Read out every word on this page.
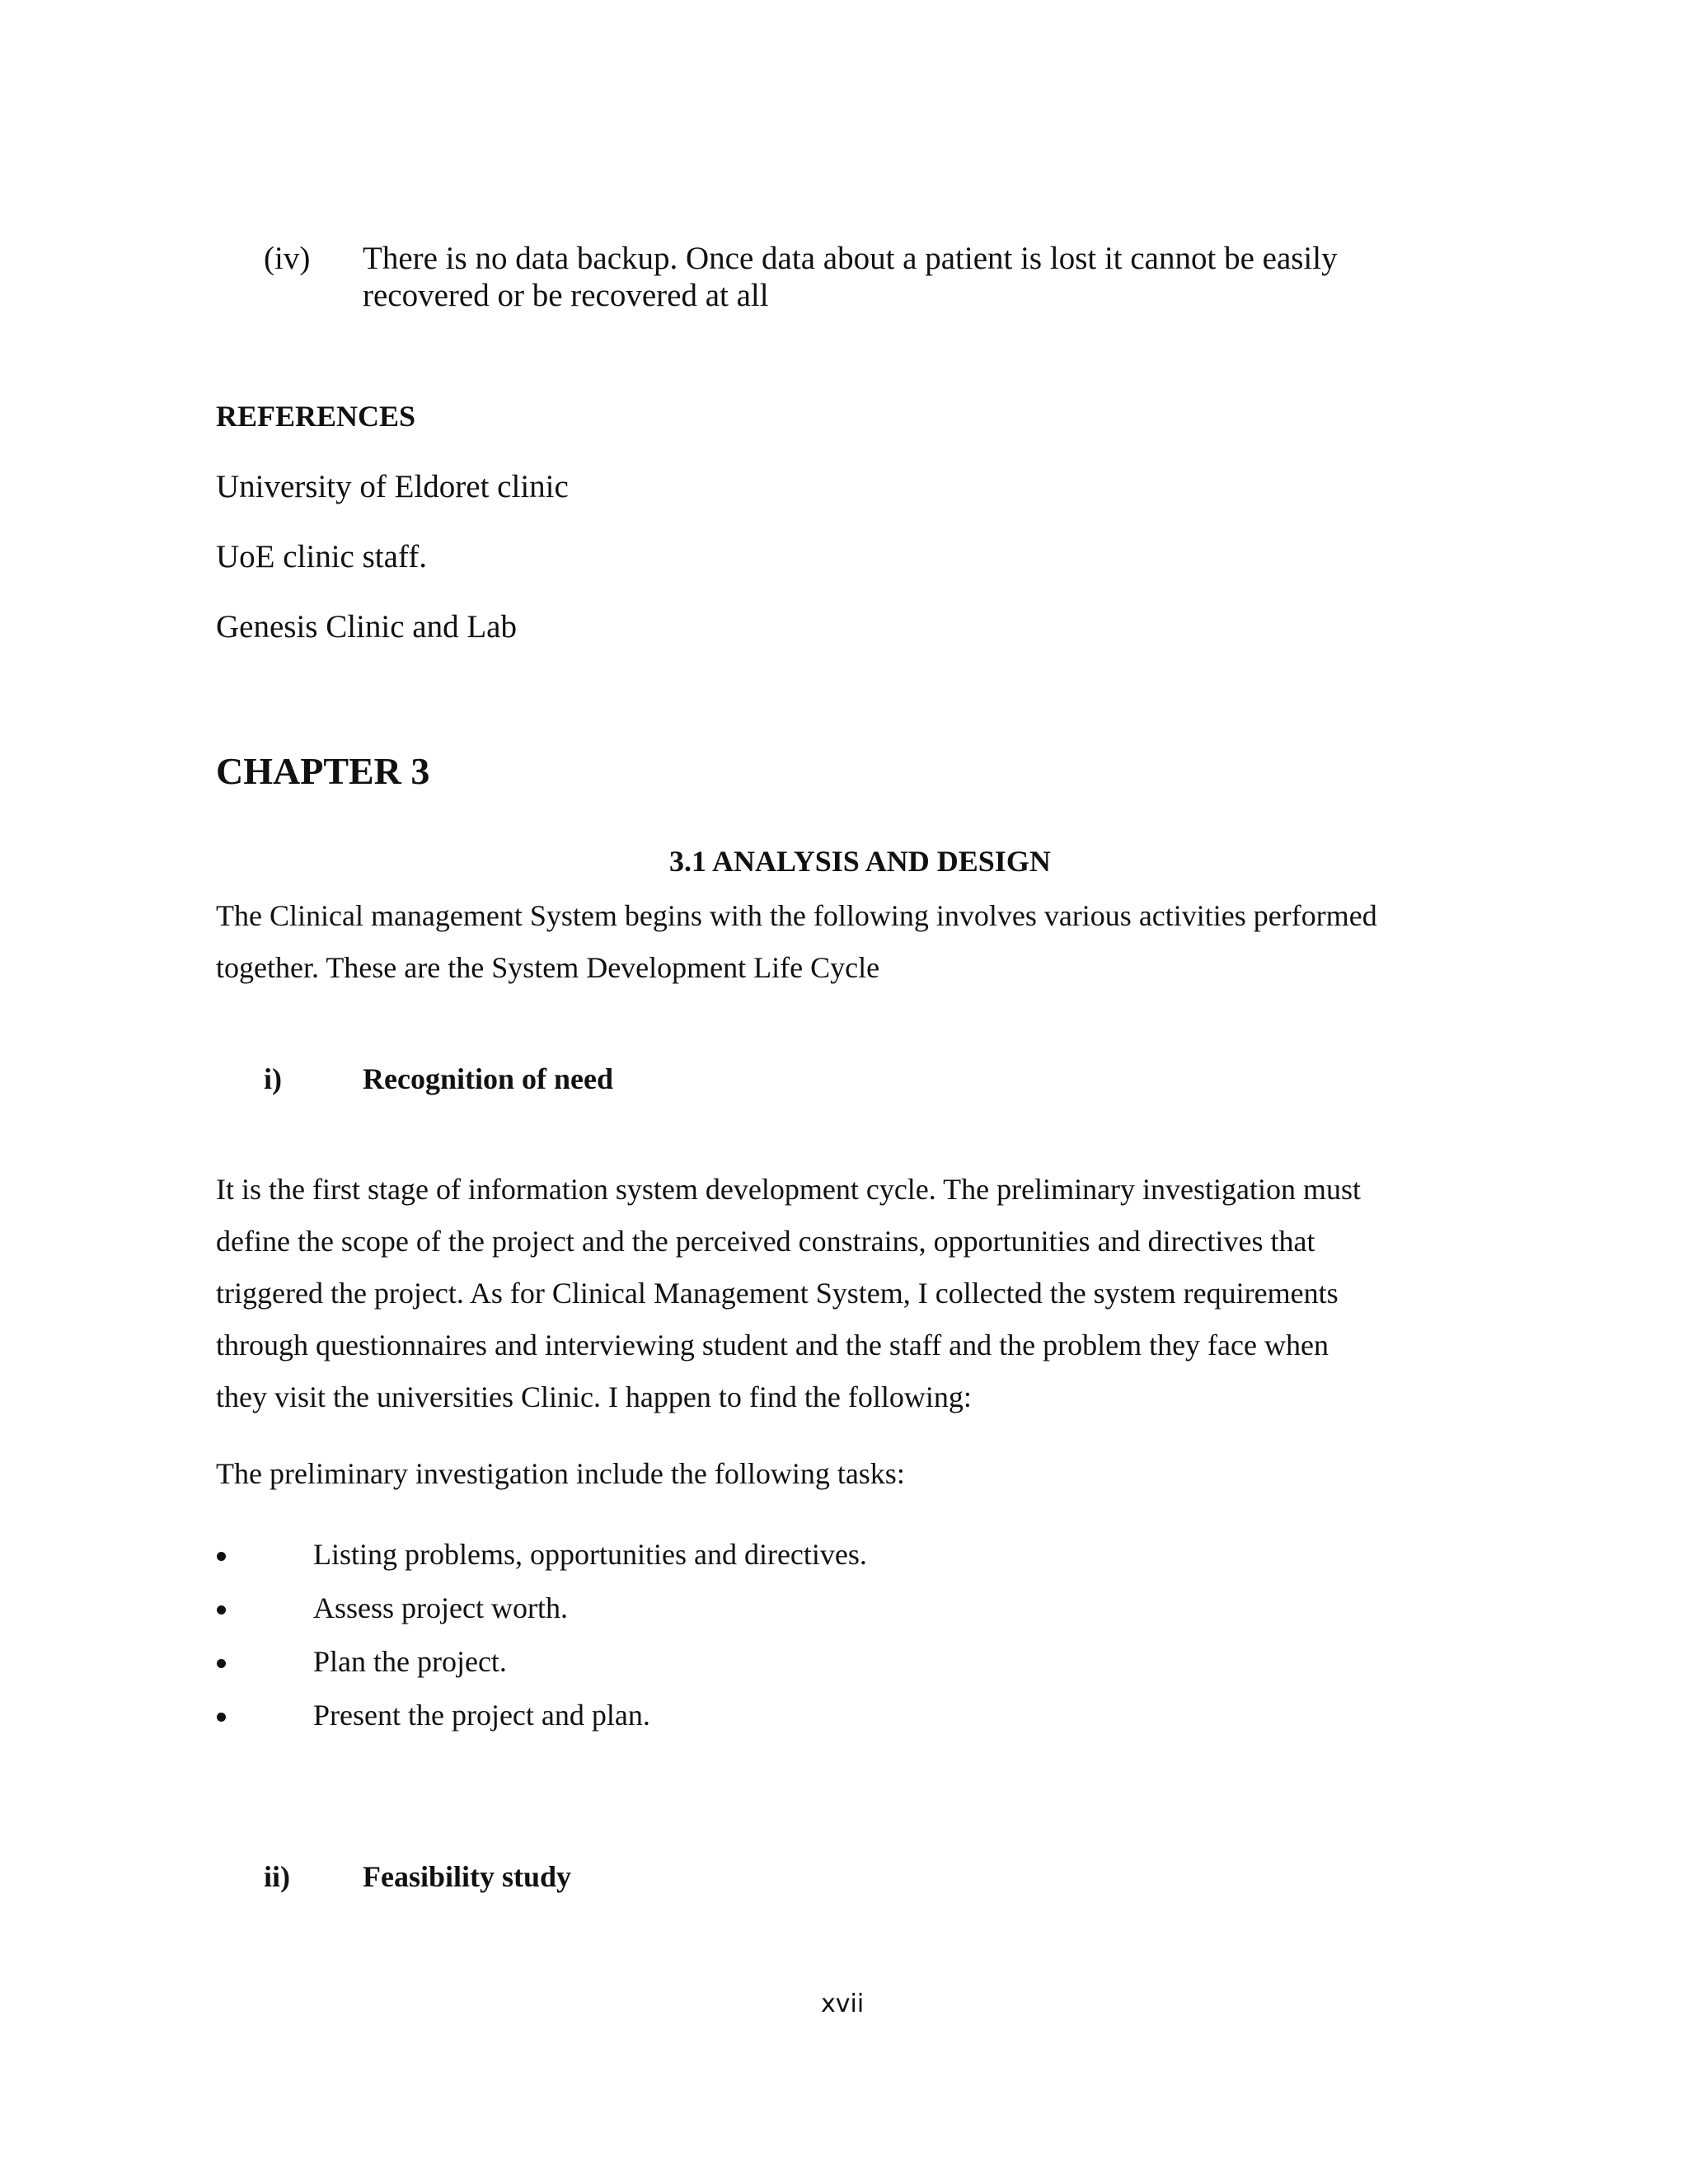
(iv) There is no data backup. Once data about a patient is lost it cannot be easily
recovered or be recovered at all
REFERENCES
University of Eldoret clinic
UoE clinic staff.
Genesis Clinic and Lab
CHAPTER 3
3.1 ANALYSIS AND DESIGN
The Clinical management System begins with the following involves various activities performed
together. These are the System Development Life Cycle
i)	Recognition of need
It is the first stage of information system development cycle. The preliminary investigation must
define the scope of the project and the perceived constrains, opportunities and directives that
triggered the project. As for Clinical Management System, I collected the system requirements
through questionnaires and interviewing student and the staff and the problem they face when
they visit the universities Clinic. I happen to find the following:
The preliminary investigation include the following tasks:
Listing problems, opportunities and directives.
Assess project worth.
Plan the project.
Present the project and plan.
ii) Feasibility study
xvii
